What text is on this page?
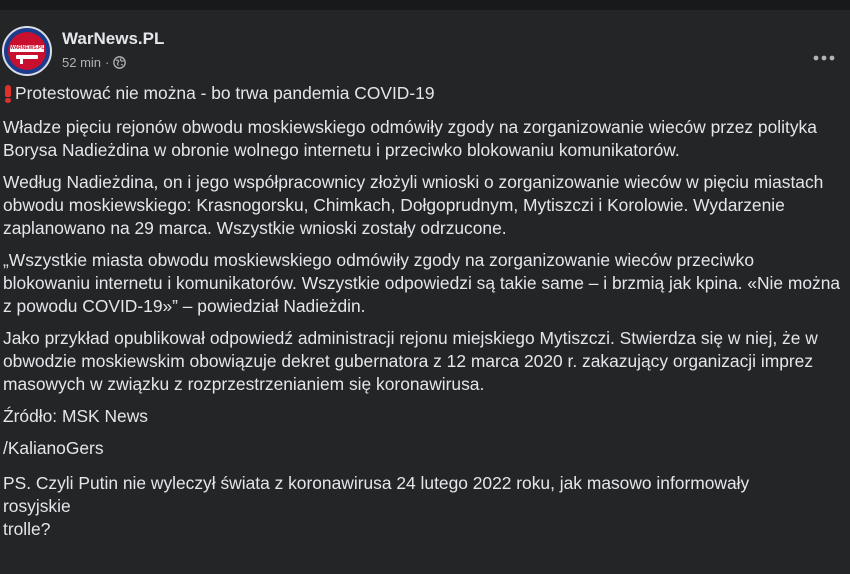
WARNEWS.PL WarNews.PL
52 min ·

Protestować nie można - bo trwa pandemia COVID-19

Władze pięciu rejonów obwodu moskiewskiego odmówiły zgody na zorganizowanie wieców przez polityka Borysa Nadieżdina w obronie wolnego internetu i przeciwko blokowaniu komunikatorów.

Według Nadieżdina, on i jego współpracownicy złożyli wnioski o zorganizowanie wieców w pięciu miastach obwodu moskiewskiego: Krasnogorsku, Chimkach, Dołgoprudnym, Mytiszczi i Korolowie. Wydarzenie zaplanowano na 29 marca. Wszystkie wnioski zostały odrzucone.

„Wszystkie miasta obwodu moskiewskiego odmówiły zgody na zorganizowanie wieców przeciwko blokowaniu internetu i komunikatorów. Wszystkie odpowiedzi są takie same – i brzmią jak kpina. «Nie można z powodu COVID-19»” – powiedział Nadieżdin.

Jako przykład opublikował odpowiedź administracji rejonu miejskiego Mytiszczi. Stwierdza się w niej, że w obwodzie moskiewskim obowiązuje dekret gubernatora z 12 marca 2020 r. zakazujący organizacji imprez masowych w związku z rozprzestrzenianiem się koronawirusa.

Źródło: MSK News

/KalianoGers

PS. Czyli Putin nie wyleczył świata z koronawirusa 24 lutego 2022 roku, jak masowo informowały
rosyjskie
trolle?
